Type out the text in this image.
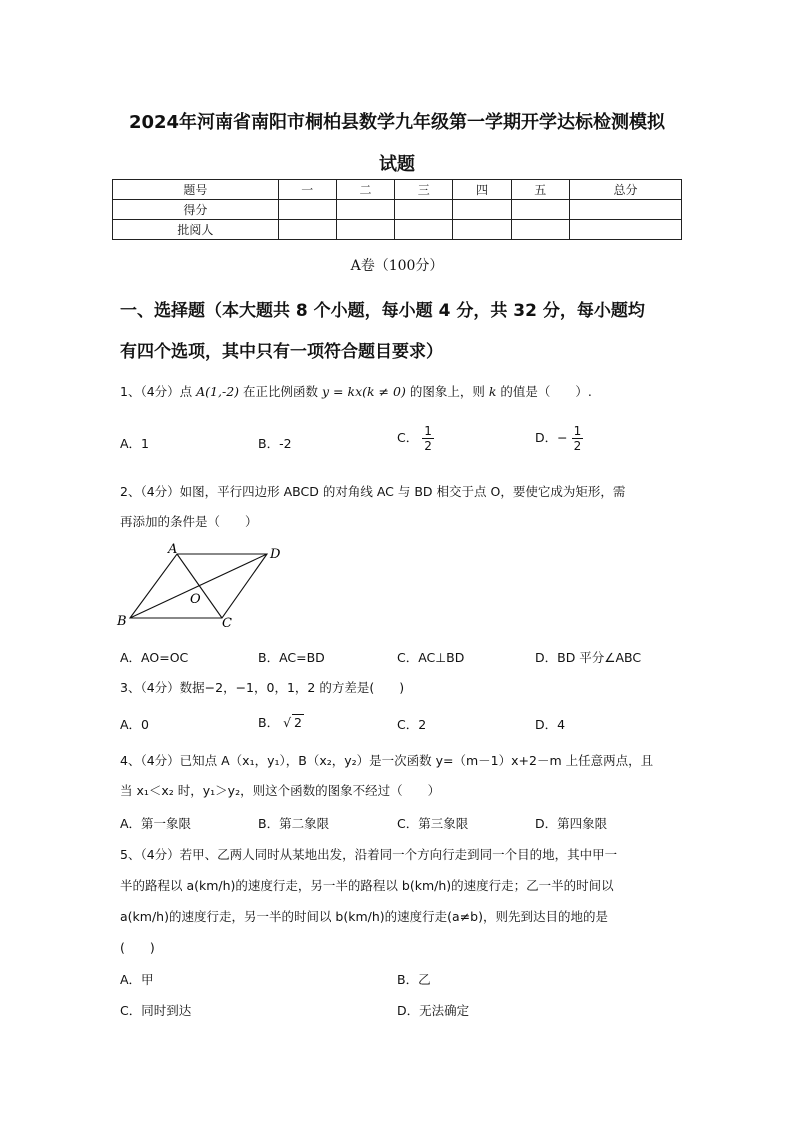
2024年河南省南阳市桐柏县数学九年级第一学期开学达标检测模拟
试题
题号	一	二	三	四	五	总分
得分						
批阅人						
A卷（100分）
一、选择题（本大题共 8 个小题，每小题 4 分，共 32 分，每小题均
有四个选项，其中只有一项符合题目要求）
1、（4分）点 A(1,-2) 在正比例函数 y = kx(k ≠ 0) 的图象上，则 k 的值是（　　）.
A．1	B．-2	C． $\frac{1}{2}$	D．− $\frac{1}{2}$
2、（4分）如图，平行四边形 ABCD 的对角线 AC 与 BD 相交于点 O，要使它成为矩形，需
再添加的条件是（　　）
A	D
B	C
O
A．AO=OC	B．AC=BD	C．AC⊥BD	D．BD 平分∠ABC
3、（4分）数据−2，−1，0，1，2 的方差是(　　)
A．0	B． √ 2	C．2	D．4
4、（4分）已知点 A（x₁，y₁），B（x₂，y₂）是一次函数 y=（m－1）x+2－m 上任意两点，且
当 x₁＜x₂ 时，y₁＞y₂，则这个函数的图象不经过（　　）
A．第一象限	B．第二象限	C．第三象限	D．第四象限
5、（4分）若甲、乙两人同时从某地出发，沿着同一个方向行走到同一个目的地，其中甲一
半的路程以 a(km/h)的速度行走，另一半的路程以 b(km/h)的速度行走；乙一半的时间以
a(km/h)的速度行走，另一半的时间以 b(km/h)的速度行走(a≠b)，则先到达目的地的是
(　　)
A．甲	B．乙
C．同时到达	D．无法确定
